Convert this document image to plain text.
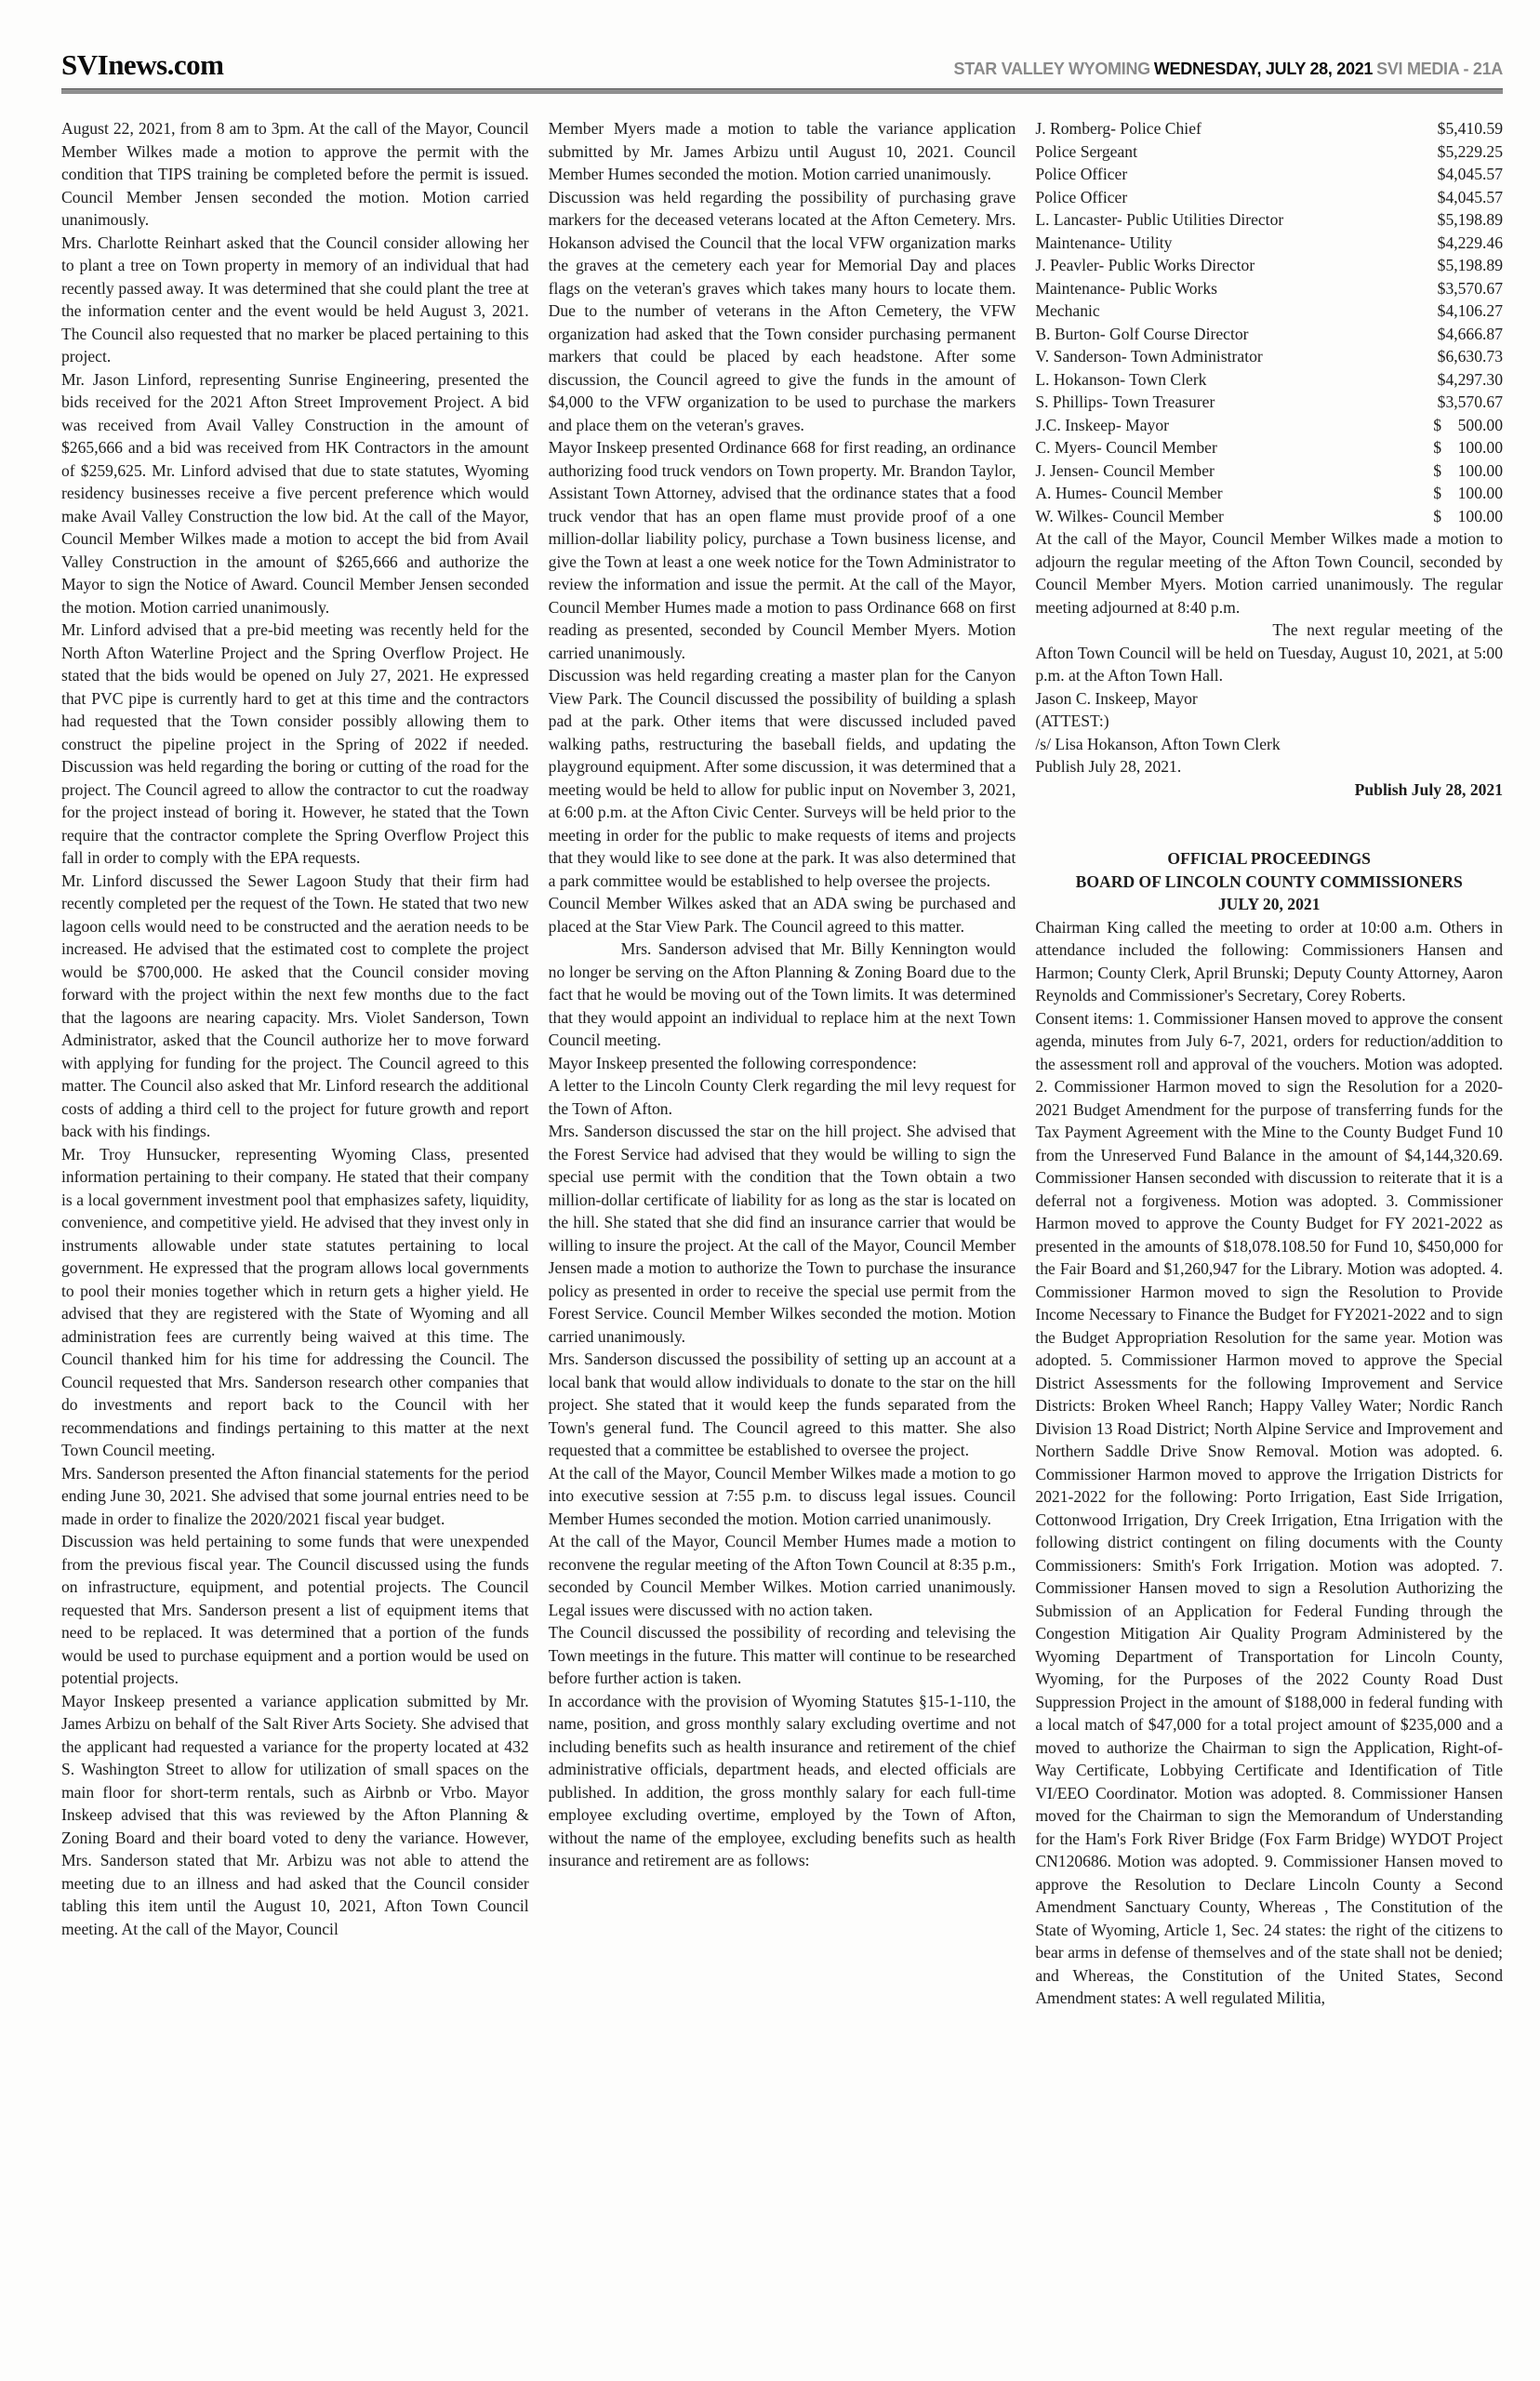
SVInews.com	STAR VALLEY WYOMING WEDNESDAY, JULY 28, 2021 SVI MEDIA - 21A

August 22, 2021, from 8 am to 3pm. At the call of the Mayor, Council Member Wilkes made a motion to approve the permit with the condition that TIPS training be completed before the permit is issued. Council Member Jensen seconded the motion. Motion carried unanimously.

Mrs. Charlotte Reinhart asked that the Council consider allowing her to plant a tree on Town property in memory of an individual that had recently passed away. It was determined that she could plant the tree at the information center and the event would be held August 3, 2021. The Council also requested that no marker be placed pertaining to this project.

Mr. Jason Linford, representing Sunrise Engineering, presented the bids received for the 2021 Afton Street Improvement Project. A bid was received from Avail Valley Construction in the amount of $265,666 and a bid was received from HK Contractors in the amount of $259,625. Mr. Linford advised that due to state statutes, Wyoming residency businesses receive a five percent preference which would make Avail Valley Construction the low bid. At the call of the Mayor, Council Member Wilkes made a motion to accept the bid from Avail Valley Construction in the amount of $265,666 and authorize the Mayor to sign the Notice of Award. Council Member Jensen seconded the motion. Motion carried unanimously.

Mr. Linford advised that a pre-bid meeting was recently held for the North Afton Waterline Project and the Spring Overflow Project. He stated that the bids would be opened on July 27, 2021. He expressed that PVC pipe is currently hard to get at this time and the contractors had requested that the Town consider possibly allowing them to construct the pipeline project in the Spring of 2022 if needed. Discussion was held regarding the boring or cutting of the road for the project. The Council agreed to allow the contractor to cut the roadway for the project instead of boring it. However, he stated that the Town require that the contractor complete the Spring Overflow Project this fall in order to comply with the EPA requests.

Mr. Linford discussed the Sewer Lagoon Study that their firm had recently completed per the request of the Town. He stated that two new lagoon cells would need to be constructed and the aeration needs to be increased. He advised that the estimated cost to complete the project would be $700,000. He asked that the Council consider moving forward with the project within the next few months due to the fact that the lagoons are nearing capacity. Mrs. Violet Sanderson, Town Administrator, asked that the Council authorize her to move forward with applying for funding for the project. The Council agreed to this matter. The Council also asked that Mr. Linford research the additional costs of adding a third cell to the project for future growth and report back with his findings.

Mr. Troy Hunsucker, representing Wyoming Class, presented information pertaining to their company. He stated that their company is a local government investment pool that emphasizes safety, liquidity, convenience, and competitive yield. He advised that they invest only in instruments allowable under state statutes pertaining to local government. He expressed that the program allows local governments to pool their monies together which in return gets a higher yield. He advised that they are registered with the State of Wyoming and all administration fees are currently being waived at this time. The Council thanked him for his time for addressing the Council. The Council requested that Mrs. Sanderson research other companies that do investments and report back to the Council with her recommendations and findings pertaining to this matter at the next Town Council meeting.

Mrs. Sanderson presented the Afton financial statements for the period ending June 30, 2021. She advised that some journal entries need to be made in order to finalize the 2020/2021 fiscal year budget.

Discussion was held pertaining to some funds that were unexpended from the previous fiscal year. The Council discussed using the funds on infrastructure, equipment, and potential projects. The Council requested that Mrs. Sanderson present a list of equipment items that need to be replaced. It was determined that a portion of the funds would be used to purchase equipment and a portion would be used on potential projects.

Mayor Inskeep presented a variance application submitted by Mr. James Arbizu on behalf of the Salt River Arts Society. She advised that the applicant had requested a variance for the property located at 432 S. Washington Street to allow for utilization of small spaces on the main floor for short-term rentals, such as Airbnb or Vrbo. Mayor Inskeep advised that this was reviewed by the Afton Planning & Zoning Board and their board voted to deny the variance. However, Mrs. Sanderson stated that Mr. Arbizu was not able to attend the meeting due to an illness and had asked that the Council consider tabling this item until the August 10, 2021, Afton Town Council meeting. At the call of the Mayor, Council

Member Myers made a motion to table the variance application submitted by Mr. James Arbizu until August 10, 2021. Council Member Humes seconded the motion. Motion carried unanimously.

Discussion was held regarding the possibility of purchasing grave markers for the deceased veterans located at the Afton Cemetery. Mrs. Hokanson advised the Council that the local VFW organization marks the graves at the cemetery each year for Memorial Day and places flags on the veteran's graves which takes many hours to locate them. Due to the number of veterans in the Afton Cemetery, the VFW organization had asked that the Town consider purchasing permanent markers that could be placed by each headstone. After some discussion, the Council agreed to give the funds in the amount of $4,000 to the VFW organization to be used to purchase the markers and place them on the veteran's graves.

Mayor Inskeep presented Ordinance 668 for first reading, an ordinance authorizing food truck vendors on Town property. Mr. Brandon Taylor, Assistant Town Attorney, advised that the ordinance states that a food truck vendor that has an open flame must provide proof of a one million-dollar liability policy, purchase a Town business license, and give the Town at least a one week notice for the Town Administrator to review the information and issue the permit. At the call of the Mayor, Council Member Humes made a motion to pass Ordinance 668 on first reading as presented, seconded by Council Member Myers. Motion carried unanimously.

Discussion was held regarding creating a master plan for the Canyon View Park. The Council discussed the possibility of building a splash pad at the park. Other items that were discussed included paved walking paths, restructuring the baseball fields, and updating the playground equipment. After some discussion, it was determined that a meeting would be held to allow for public input on November 3, 2021, at 6:00 p.m. at the Afton Civic Center. Surveys will be held prior to the meeting in order for the public to make requests of items and projects that they would like to see done at the park. It was also determined that a park committee would be established to help oversee the projects.

Council Member Wilkes asked that an ADA swing be purchased and placed at the Star View Park. The Council agreed to this matter.

Mrs. Sanderson advised that Mr. Billy Kennington would no longer be serving on the Afton Planning & Zoning Board due to the fact that he would be moving out of the Town limits. It was determined that they would appoint an individual to replace him at the next Town Council meeting.

Mayor Inskeep presented the following correspondence:

A letter to the Lincoln County Clerk regarding the mil levy request for the Town of Afton.

Mrs. Sanderson discussed the star on the hill project. She advised that the Forest Service had advised that they would be willing to sign the special use permit with the condition that the Town obtain a two million-dollar certificate of liability for as long as the star is located on the hill. She stated that she did find an insurance carrier that would be willing to insure the project. At the call of the Mayor, Council Member Jensen made a motion to authorize the Town to purchase the insurance policy as presented in order to receive the special use permit from the Forest Service. Council Member Wilkes seconded the motion. Motion carried unanimously.

Mrs. Sanderson discussed the possibility of setting up an account at a local bank that would allow individuals to donate to the star on the hill project. She stated that it would keep the funds separated from the Town's general fund. The Council agreed to this matter. She also requested that a committee be established to oversee the project.

At the call of the Mayor, Council Member Wilkes made a motion to go into executive session at 7:55 p.m. to discuss legal issues. Council Member Humes seconded the motion. Motion carried unanimously.

At the call of the Mayor, Council Member Humes made a motion to reconvene the regular meeting of the Afton Town Council at 8:35 p.m., seconded by Council Member Wilkes. Motion carried unanimously. Legal issues were discussed with no action taken.

The Council discussed the possibility of recording and televising the Town meetings in the future. This matter will continue to be researched before further action is taken.

In accordance with the provision of Wyoming Statutes §15-1-110, the name, position, and gross monthly salary excluding overtime and not including benefits such as health insurance and retirement of the chief administrative officials, department heads, and elected officials are published. In addition, the gross monthly salary for each full-time employee excluding overtime, employed by the Town of Afton, without the name of the employee, excluding benefits such as health insurance and retirement are as follows:

J. Romberg- Police Chief	$5,410.59
Police Sergeant	$5,229.25
Police Officer	$4,045.57
Police Officer	$4,045.57
L. Lancaster- Public Utilities Director	$5,198.89
Maintenance- Utility	$4,229.46
J. Peavler- Public Works Director	$5,198.89
Maintenance- Public Works	$3,570.67
Mechanic	$4,106.27
B. Burton- Golf Course Director	$4,666.87
V. Sanderson- Town Administrator	$6,630.73
L. Hokanson- Town Clerk	$4,297.30
S. Phillips- Town Treasurer	$3,570.67
J.C. Inskeep- Mayor	$    500.00
C. Myers- Council Member	$    100.00
J. Jensen- Council Member	$    100.00
A. Humes- Council Member	$    100.00
W. Wilkes- Council Member	$    100.00

At the call of the Mayor, Council Member Wilkes made a motion to adjourn the regular meeting of the Afton Town Council, seconded by Council Member Myers. Motion carried unanimously. The regular meeting adjourned at 8:40 p.m.

The next regular meeting of the Afton Town Council will be held on Tuesday, August 10, 2021, at 5:00 p.m. at the Afton Town Hall.

Jason C. Inskeep, Mayor

(ATTEST:)

/s/ Lisa Hokanson, Afton Town Clerk

Publish July 28, 2021.

Publish July 28, 2021

OFFICIAL PROCEEDINGS
BOARD OF LINCOLN COUNTY COMMISSIONERS
JULY 20, 2021

Chairman King called the meeting to order at 10:00 a.m. Others in attendance included the following: Commissioners Hansen and Harmon; County Clerk, April Brunski; Deputy County Attorney, Aaron Reynolds and Commissioner's Secretary, Corey Roberts.

Consent items: 1. Commissioner Hansen moved to approve the consent agenda, minutes from July 6-7, 2021, orders for reduction/addition to the assessment roll and approval of the vouchers. Motion was adopted. 2. Commissioner Harmon moved to sign the Resolution for a 2020-2021 Budget Amendment for the purpose of transferring funds for the Tax Payment Agreement with the Mine to the County Budget Fund 10 from the Unreserved Fund Balance in the amount of $4,144,320.69. Commissioner Hansen seconded with discussion to reiterate that it is a deferral not a forgiveness. Motion was adopted. 3. Commissioner Harmon moved to approve the County Budget for FY 2021-2022 as presented in the amounts of $18,078.108.50 for Fund 10, $450,000 for the Fair Board and $1,260,947 for the Library. Motion was adopted. 4. Commissioner Harmon moved to sign the Resolution to Provide Income Necessary to Finance the Budget for FY2021-2022 and to sign the Budget Appropriation Resolution for the same year. Motion was adopted. 5. Commissioner Harmon moved to approve the Special District Assessments for the following Improvement and Service Districts: Broken Wheel Ranch; Happy Valley Water; Nordic Ranch Division 13 Road District; North Alpine Service and Improvement and Northern Saddle Drive Snow Removal. Motion was adopted. 6. Commissioner Harmon moved to approve the Irrigation Districts for 2021-2022 for the following: Porto Irrigation, East Side Irrigation, Cottonwood Irrigation, Dry Creek Irrigation, Etna Irrigation with the following district contingent on filing documents with the County Commissioners: Smith's Fork Irrigation. Motion was adopted. 7. Commissioner Hansen moved to sign a Resolution Authorizing the Submission of an Application for Federal Funding through the Congestion Mitigation Air Quality Program Administered by the Wyoming Department of Transportation for Lincoln County, Wyoming, for the Purposes of the 2022 County Road Dust Suppression Project in the amount of $188,000 in federal funding with a local match of $47,000 for a total project amount of $235,000 and a moved to authorize the Chairman to sign the Application, Right-of-Way Certificate, Lobbying Certificate and Identification of Title VI/EEO Coordinator. Motion was adopted. 8. Commissioner Hansen moved for the Chairman to sign the Memorandum of Understanding for the Ham's Fork River Bridge (Fox Farm Bridge) WYDOT Project CN120686. Motion was adopted. 9. Commissioner Hansen moved to approve the Resolution to Declare Lincoln County a Second Amendment Sanctuary County, Whereas , The Constitution of the State of Wyoming, Article 1, Sec. 24 states: the right of the citizens to bear arms in defense of themselves and of the state shall not be denied; and Whereas, the Constitution of the United States, Second Amendment states: A well regulated Militia,
